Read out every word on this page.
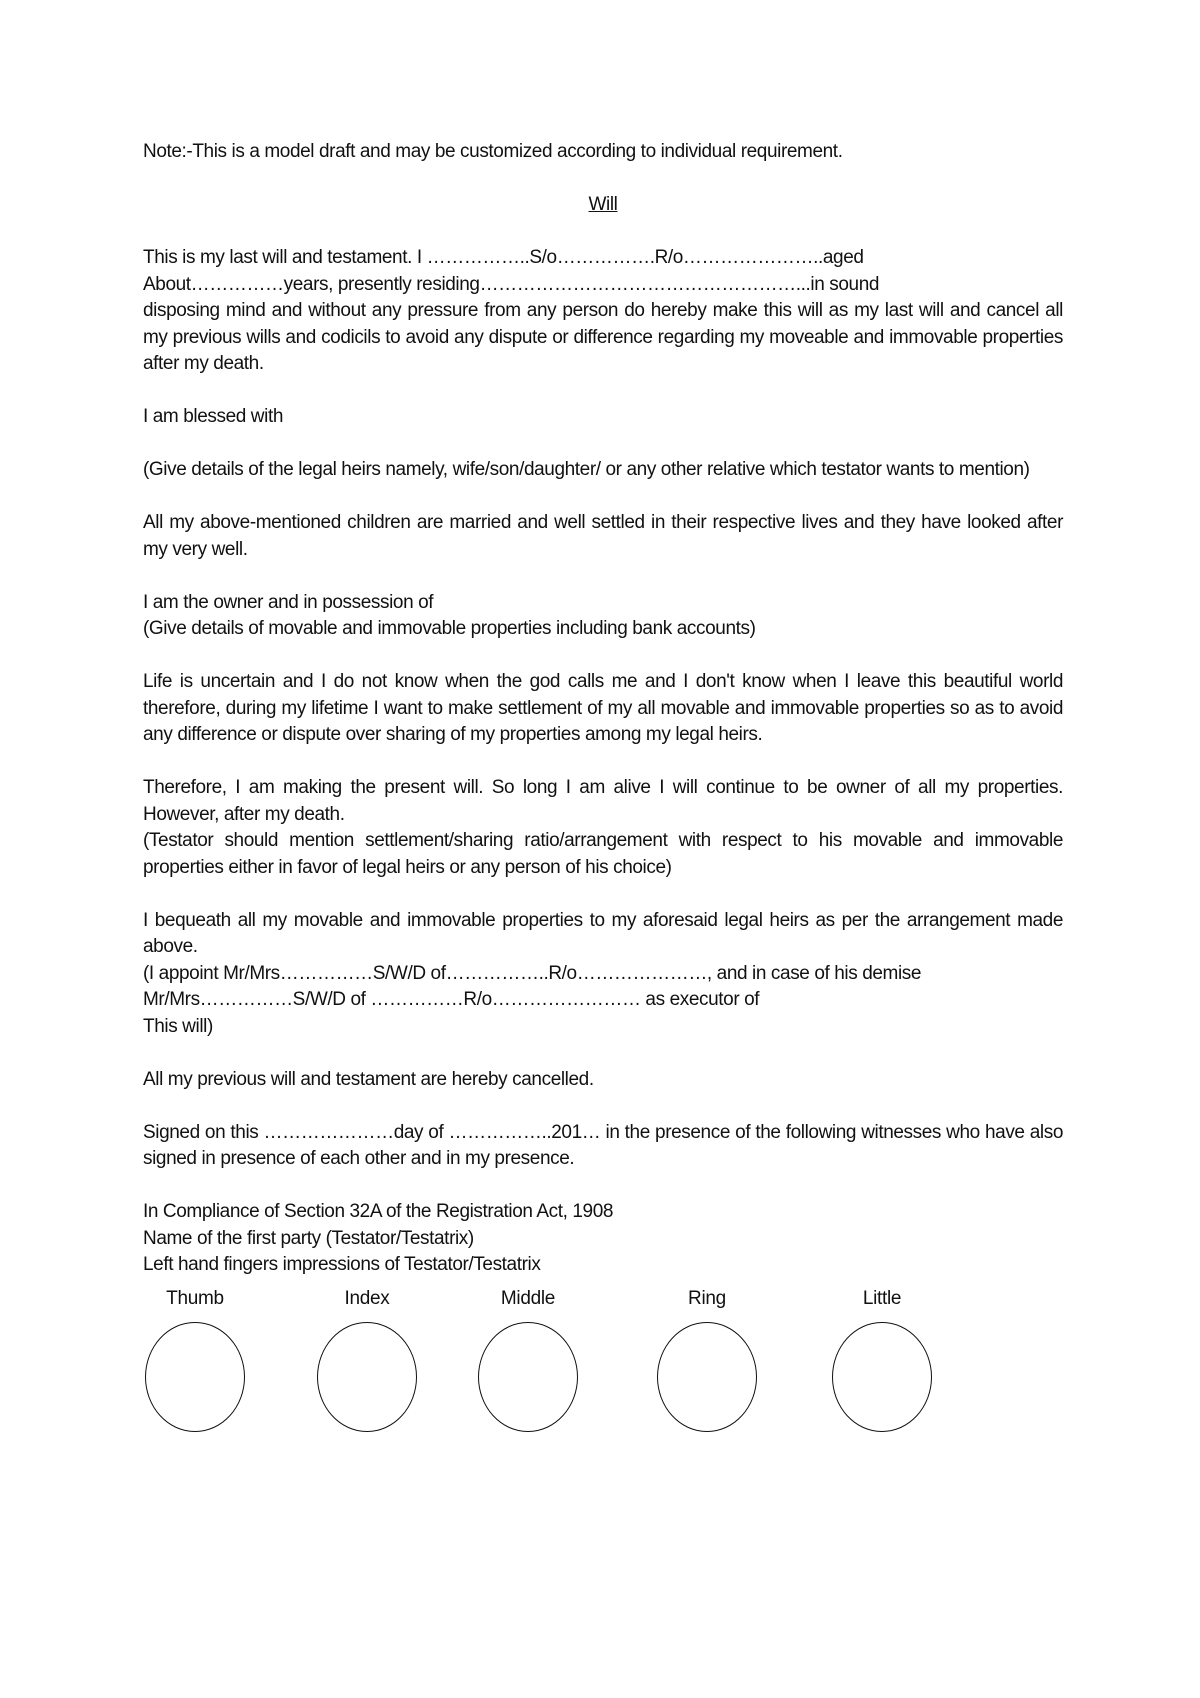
Note:-This is a model draft and may be customized according to individual requirement.

Will

This is my last will and testament. I ……………..S/o…………….R/o…………………..aged

About……………years, presently residing……………………………………………...in sound

disposing mind and without any pressure from any person do hereby make this will as my last will and cancel all my previous wills and codicils to avoid any dispute or difference regarding my moveable and immovable properties after my death.

I am blessed with

(Give details of the legal heirs namely, wife/son/daughter/ or any other relative which testator wants to mention)

All my above-mentioned children are married and well settled in their respective lives and they have looked after my very well.

I am the owner and in possession of

(Give details of movable and immovable properties including bank accounts)

Life is uncertain and I do not know when the god calls me and I don't know when I leave this beautiful world therefore, during my lifetime I want to make settlement of my all movable and immovable properties so as to avoid any difference or dispute over sharing of my properties among my legal heirs.

Therefore, I am making the present will. So long I am alive I will continue to be owner of all my properties. However, after my death.

(Testator should mention settlement/sharing ratio/arrangement with respect to his movable and immovable properties either in favor of legal heirs or any person of his choice)

I bequeath all my movable and immovable properties to my aforesaid legal heirs as per the arrangement made above.

(I appoint Mr/Mrs……………S/W/D of……………..R/o…………………, and in case of his demise

Mr/Mrs……………S/W/D of ……………R/o…………………… as executor of

This will)

All my previous will and testament are hereby cancelled.

Signed on this …………………day of ……………..201… in the presence of the following witnesses who have also signed in presence of each other and in my presence.

In Compliance of Section 32A of the Registration Act, 1908

Name of the first party (Testator/Testatrix)

Left hand fingers impressions of Testator/Testatrix

Thumb	Index	Middle	Ring	Little
